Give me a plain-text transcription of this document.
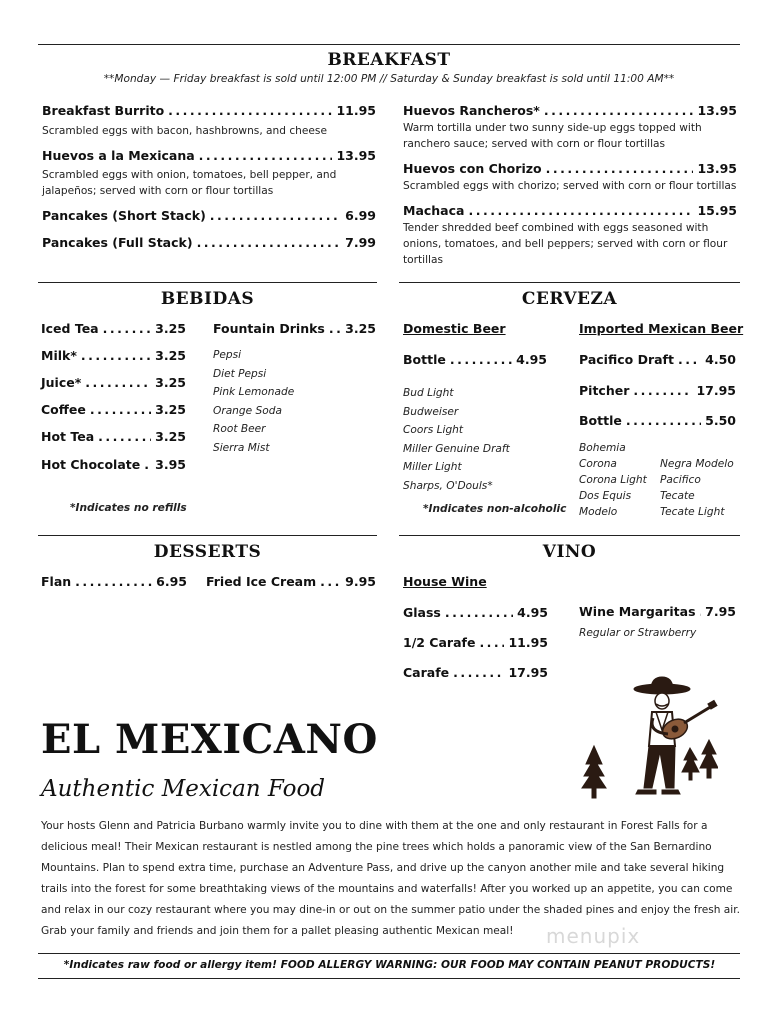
BREAKFAST
**Monday — Friday breakfast is sold until 12:00 PM // Saturday & Sunday breakfast is sold until 11:00 AM**
Breakfast Burrito .....	11.95
Scrambled eggs with bacon, hashbrowns, and cheese
Huevos a la Mexicana .....	13.95
Scrambled eggs with onion, tomatoes, bell pepper, and jalapeños; served with corn or flour tortillas
Pancakes (Short Stack) .....	6.99
Pancakes (Full Stack) .....	7.99
Huevos Rancheros* .....	13.95
Warm tortilla under two sunny side-up eggs topped with ranchero sauce; served with corn or flour tortillas
Huevos con Chorizo .....	13.95
Scrambled eggs with chorizo; served with corn or flour tortillas
Machaca .....	15.95
Tender shredded beef combined with eggs seasoned with onions, tomatoes, and bell peppers; served with corn or flour tortillas
BEBIDAS
Iced Tea .....	3.25
Milk* .....	3.25
Juice* .....	3.25
Coffee .....	3.25
Hot Tea .....	3.25
Hot Chocolate ..... 3.95
Fountain Drinks ..... 3.25
Pepsi
Diet Pepsi
Pink Lemonade
Orange Soda
Root Beer
Sierra Mist
*Indicates no refills
CERVEZA
Domestic Beer
Bottle .....	4.95
Bud Light
Budweiser
Coors Light
Miller Genuine Draft
Miller Light
Sharps, O'Douls*
*Indicates non-alcoholic
Imported Mexican Beer
Pacifico Draft ..... 4.50
Pitcher .....	17.95
Bottle .....	5.50
Bohemia
Corona
Corona Light
Dos Equis
Modelo
Negra Modelo
Pacifico
Tecate
Tecate Light
DESSERTS
Flan .....	6.95 Fried Ice Cream ..... 9.95
VINO
House Wine
Glass .....	4.95
1/2 Carafe .....	11.95
Carafe .....	17.95
Wine Margaritas ..... 7.95
Regular or Strawberry
EL MEXICANO
Authentic Mexican Food
Your hosts Glenn and Patricia Burbano warmly invite you to dine with them at the one and only restaurant in Forest Falls for a delicious meal! Their Mexican restaurant is nestled among the pine trees which holds a panoramic view of the San Bernardino Mountains. Plan to spend extra time, purchase an Adventure Pass, and drive up the canyon another mile and take several hiking trails into the forest for some breathtaking views of the mountains and waterfalls! After you worked up an appetite, you can come and relax in our cozy restaurant where you may dine-in or out on the summer patio under the shaded pines and enjoy the fresh air. Grab your family and friends and join them for a pallet pleasing authentic Mexican meal!	menupix
*Indicates raw food or allergy item! FOOD ALLERGY WARNING: OUR FOOD MAY CONTAIN PEANUT PRODUCTS!
